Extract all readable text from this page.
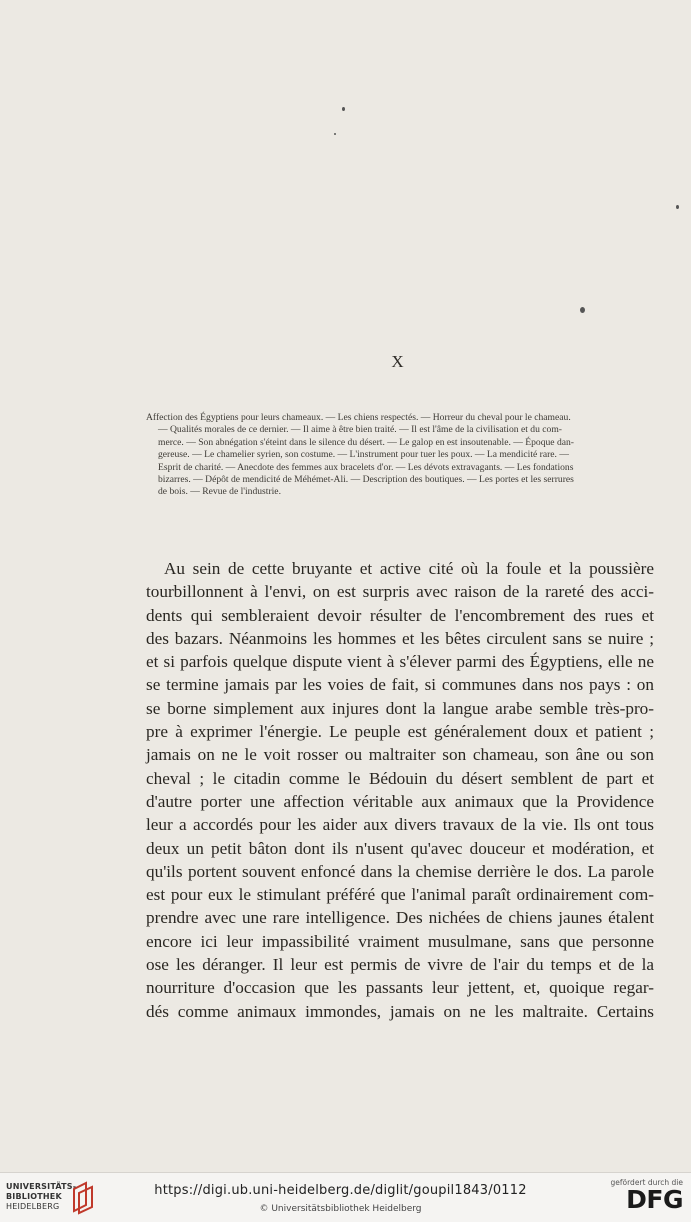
X
Affection des Égyptiens pour leurs chameaux. — Les chiens respectés. — Horreur du cheval pour le chameau.
— Qualités morales de ce dernier. — Il aime à être bien traité. — Il est l'âme de la civilisation et du com-
merce. — Son abnégation s'éteint dans le silence du désert. — Le galop en est insoutenable. — Époque dan-
gereuse. — Le chamelier syrien, son costume. — L'instrument pour tuer les poux. — La mendicité rare. —
Esprit de charité. — Anecdote des femmes aux bracelets d'or. — Les dévots extravagants. — Les fondations
bizarres. — Dépôt de mendicité de Méhémet-Ali. — Description des boutiques. — Les portes et les serrures
de bois. — Revue de l'industrie.
Au sein de cette bruyante et active cité où la foule et la poussière
tourbillonnent à l'envi, on est surpris avec raison de la rareté des acci-
dents qui sembleraient devoir résulter de l'encombrement des rues et
des bazars. Néanmoins les hommes et les bêtes circulent sans se nuire ;
et si parfois quelque dispute vient à s'élever parmi des Égyptiens, elle ne
se termine jamais par les voies de fait, si communes dans nos pays : on
se borne simplement aux injures dont la langue arabe semble très-pro-
pre à exprimer l'énergie. Le peuple est généralement doux et patient ;
jamais on ne le voit rosser ou maltraiter son chameau, son âne ou son
cheval ; le citadin comme le Bédouin du désert semblent de part et
d'autre porter une affection véritable aux animaux que la Providence
leur a accordés pour les aider aux divers travaux de la vie. Ils ont tous
deux un petit bâton dont ils n'usent qu'avec douceur et modération, et
qu'ils portent souvent enfoncé dans la chemise derrière le dos. La parole
est pour eux le stimulant préféré que l'animal paraît ordinairement com-
prendre avec une rare intelligence. Des nichées de chiens jaunes étalent
encore ici leur impassibilité vraiment musulmane, sans que personne
ose les déranger. Il leur est permis de vivre de l'air du temps et de la
nourriture d'occasion que les passants leur jettent, et, quoique regar-
dés comme animaux immondes, jamais on ne les maltraite. Certains
UNIVERSITÄTS-
BIBLIOTHEK
HEIDELBERG
https://digi.ub.uni-heidelberg.de/diglit/goupil1843/0112
© Universitätsbibliothek Heidelberg
gefördert durch die
DFG
